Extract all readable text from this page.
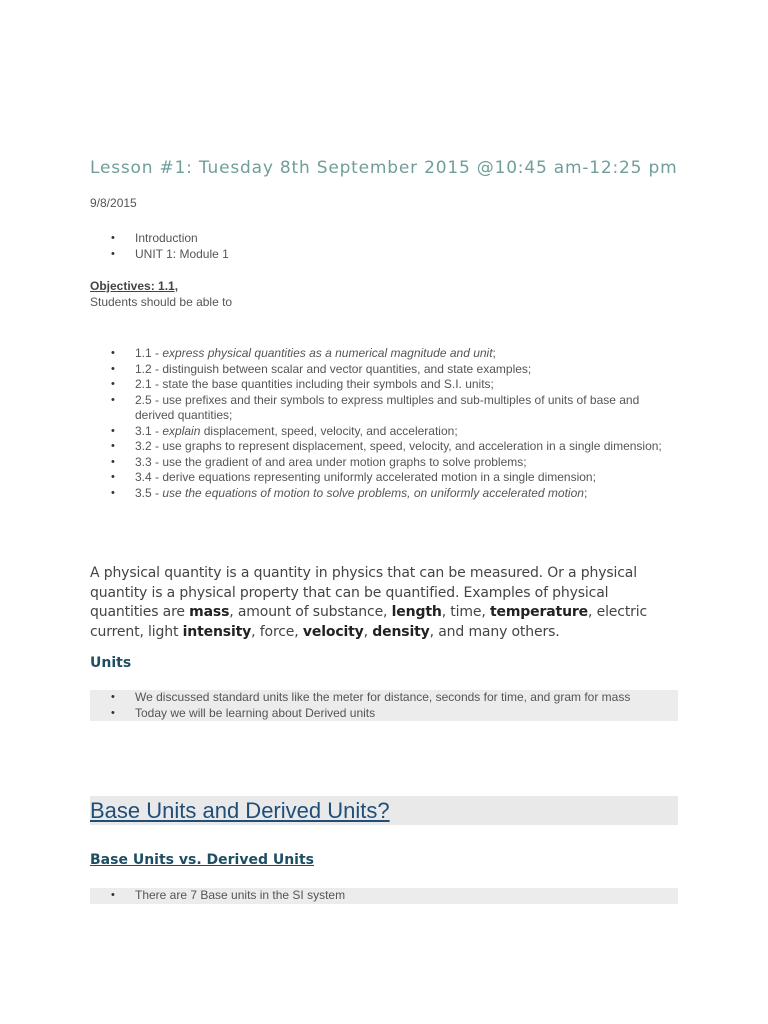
Lesson #1: Tuesday 8th September 2015 @10:45 am-12:25 pm
9/8/2015
• Introduction
• UNIT 1: Module 1
Objectives: 1.1,
Students should be able to
• 1.1 - express physical quantities as a numerical magnitude and unit;
• 1.2 - distinguish between scalar and vector quantities, and state examples;
• 2.1 - state the base quantities including their symbols and S.I. units;
• 2.5 - use prefixes and their symbols to express multiples and sub-multiples of units of base and derived quantities;
• 3.1 - explain displacement, speed, velocity, and acceleration;
• 3.2 - use graphs to represent displacement, speed, velocity, and acceleration in a single dimension;
• 3.3 - use the gradient of and area under motion graphs to solve problems;
• 3.4 - derive equations representing uniformly accelerated motion in a single dimension;
• 3.5 - use the equations of motion to solve problems, on uniformly accelerated motion;
A physical quantity is a quantity in physics that can be measured. Or a physical quantity is a physical property that can be quantified. Examples of physical quantities are mass, amount of substance, length, time, temperature, electric current, light intensity, force, velocity, density, and many others.
Units
• We discussed standard units like the meter for distance, seconds for time, and gram for mass
• Today we will be learning about Derived units
Base Units and Derived Units?
Base Units vs. Derived Units
• There are 7 Base units in the SI system
